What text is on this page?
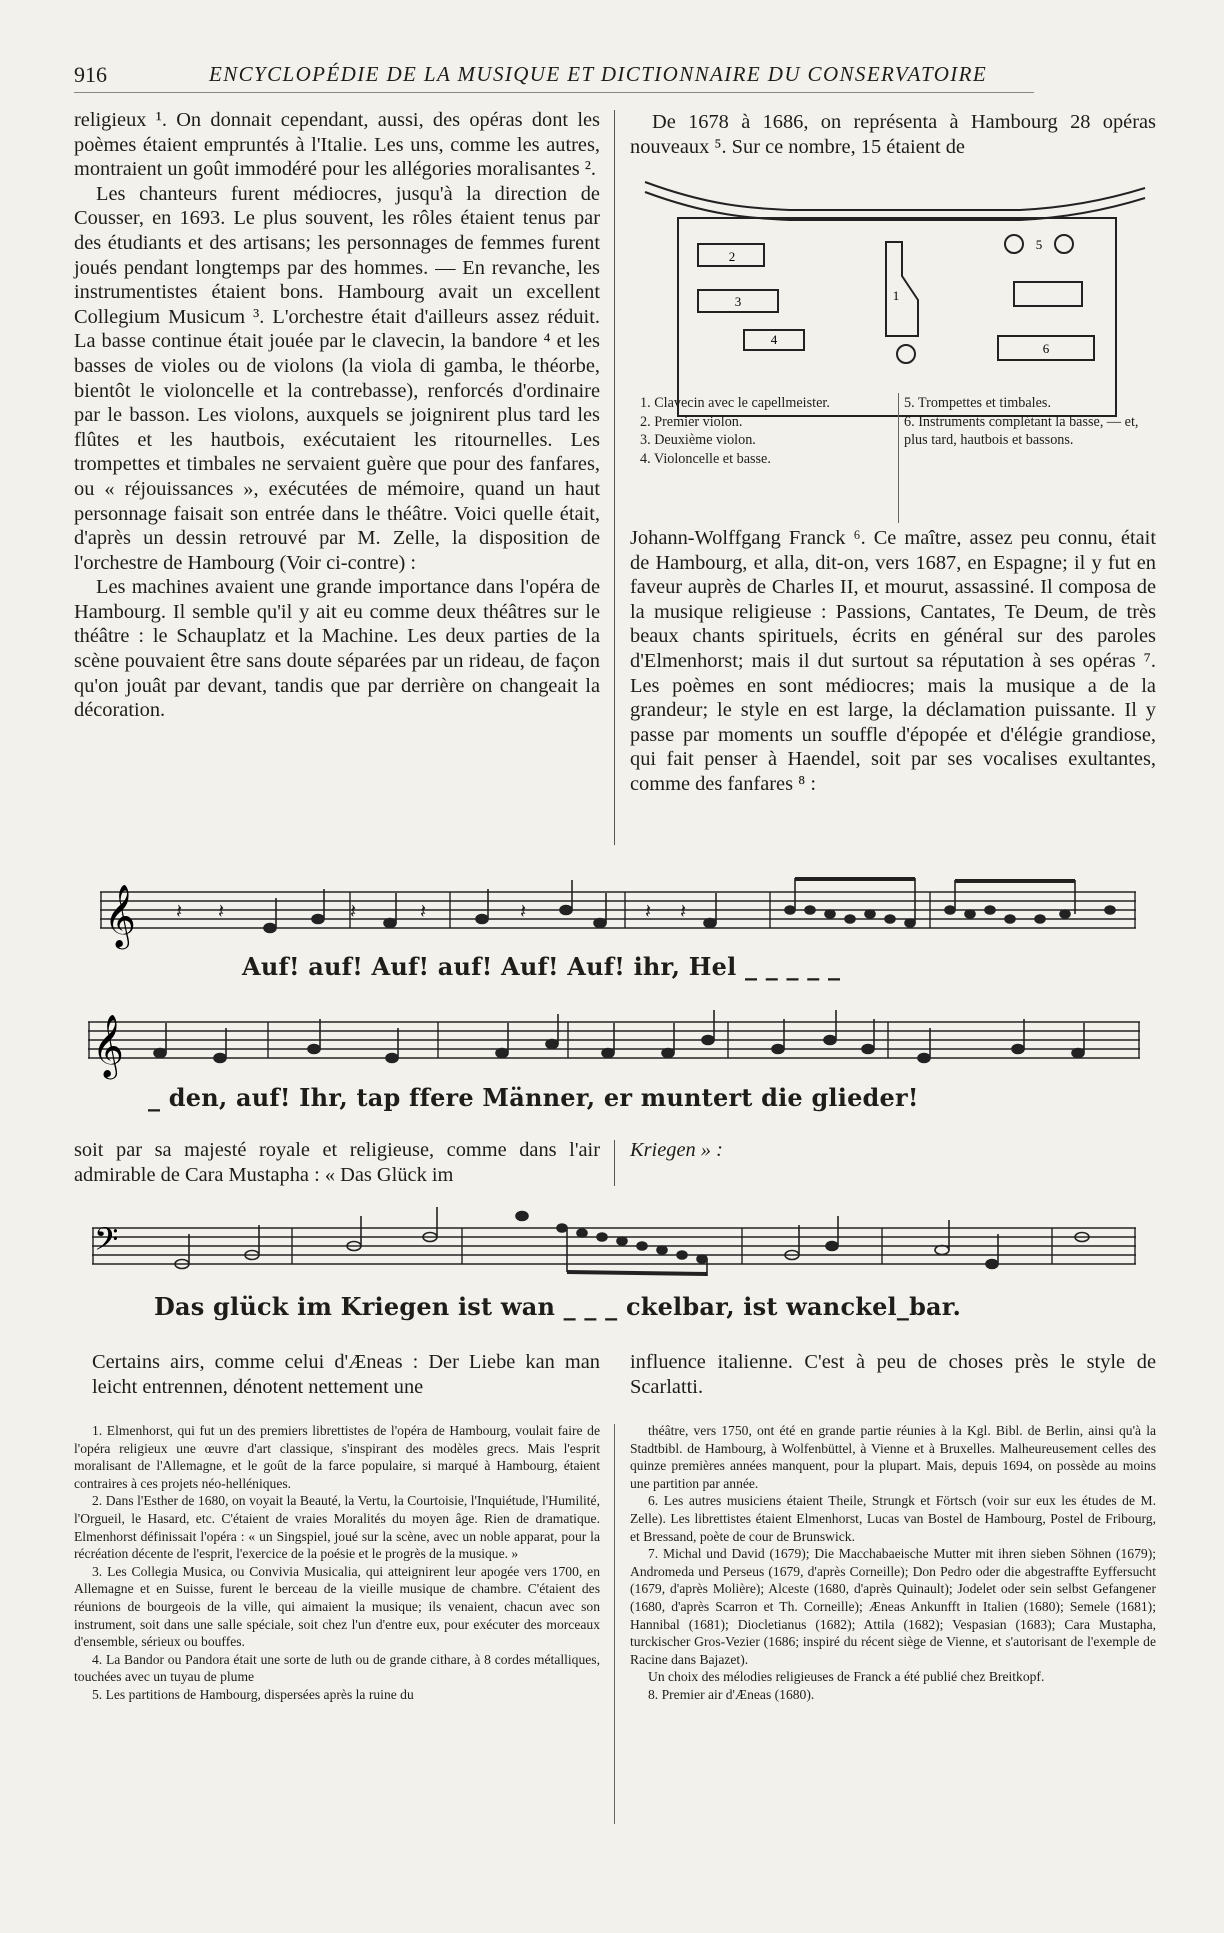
916	ENCYCLOPÉDIE DE LA MUSIQUE ET DICTIONNAIRE DU CONSERVATOIRE

religieux ¹. On donnait cependant, aussi, des opéras dont les poèmes étaient empruntés à l'Italie. Les uns, comme les autres, montraient un goût immodéré pour les allégories moralisantes ².

Les chanteurs furent médiocres, jusqu'à la direction de Cousser, en 1693. Le plus souvent, les rôles étaient tenus par des étudiants et des artisans; les personnages de femmes furent joués pendant longtemps par des hommes. — En revanche, les instrumentistes étaient bons. Hambourg avait un excellent Collegium Musicum ³. L'orchestre était d'ailleurs assez réduit. La basse continue était jouée par le clavecin, la bandore ⁴ et les basses de violes ou de violons (la viola di gamba, le théorbe, bientôt le violoncelle et la contrebasse), renforcés d'ordinaire par le basson. Les violons, auxquels se joignirent plus tard les flûtes et les hautbois, exécutaient les ritournelles. Les trompettes et timbales ne servaient guère que pour des fanfares, ou « réjouissances », exécutées de mémoire, quand un haut personnage faisait son entrée dans le théâtre. Voici quelle était, d'après un dessin retrouvé par M. Zelle, la disposition de l'orchestre de Hambourg (Voir ci-contre) :

Les machines avaient une grande importance dans l'opéra de Hambourg. Il semble qu'il y ait eu comme deux théâtres sur le théâtre : le Schauplatz et la Machine. Les deux parties de la scène pouvaient être sans doute séparées par un rideau, de façon qu'on jouât par devant, tandis que par derrière on changeait la décoration.

De 1678 à 1686, on représenta à Hambourg 28 opéras nouveaux ⁵. Sur ce nombre, 15 étaient de

2
3
4
1
5
6
1. Clavecin avec le capellmeister.
2. Premier violon.
3. Deuxième violon.
4. Violoncelle et basse.
5. Trompettes et timbales.
6. Instruments complétant la basse, — et, plus tard, hautbois et bassons.

Johann-Wolffgang Franck ⁶. Ce maître, assez peu connu, était de Hambourg, et alla, dit-on, vers 1687, en Espagne; il y fut en faveur auprès de Charles II, et mourut, assassiné. Il composa de la musique religieuse : Passions, Cantates, Te Deum, de très beaux chants spirituels, écrits en général sur des paroles d'Elmenhorst; mais il dut surtout sa réputation à ses opéras ⁷. Les poèmes en sont médiocres; mais la musique a de la grandeur; le style en est large, la déclamation puissante. Il y passe par moments un souffle d'épopée et d'élégie grandiose, qui fait penser à Haendel, soit par ses vocalises exultantes, comme des fanfares ⁸ :

𝄞 𝄽 𝄽	𝄽	𝄽	𝄽	𝄽 𝄽
Auf! auf! Auf! auf! Auf! Auf! ihr, Hel _ _ _ _ _
𝄞
_ den, auf! Ihr, tap ffere Männer, er muntert die glieder!

soit par sa majesté royale et religieuse, comme dans l'air admirable de Cara Mustapha : « Das Glück im

Kriegen » :

𝄢
Das glück im Kriegen ist wan _ _ _ ckelbar, ist wanckel_bar.

Certains airs, comme celui d'Æneas : Der Liebe kan man leicht entrennen, dénotent nettement une

influence italienne. C'est à peu de choses près le style de Scarlatti.

1. Elmenhorst, qui fut un des premiers librettistes de l'opéra de Hambourg, voulait faire de l'opéra religieux une œuvre d'art classique, s'inspirant des modèles grecs. Mais l'esprit moralisant de l'Allemagne, et le goût de la farce populaire, si marqué à Hambourg, étaient contraires à ces projets néo-helléniques.

2. Dans l'Esther de 1680, on voyait la Beauté, la Vertu, la Courtoisie, l'Inquiétude, l'Humilité, l'Orgueil, le Hasard, etc. C'étaient de vraies Moralités du moyen âge. Rien de dramatique. Elmenhorst définissait l'opéra : « un Singspiel, joué sur la scène, avec un noble apparat, pour la récréation décente de l'esprit, l'exercice de la poésie et le progrès de la musique. »

3. Les Collegia Musica, ou Convivia Musicalia, qui atteignirent leur apogée vers 1700, en Allemagne et en Suisse, furent le berceau de la vieille musique de chambre. C'étaient des réunions de bourgeois de la ville, qui aimaient la musique; ils venaient, chacun avec son instrument, soit dans une salle spéciale, soit chez l'un d'entre eux, pour exécuter des morceaux d'ensemble, sérieux ou bouffes.

4. La Bandor ou Pandora était une sorte de luth ou de grande cithare, à 8 cordes métalliques, touchées avec un tuyau de plume

5. Les partitions de Hambourg, dispersées après la ruine du

théâtre, vers 1750, ont été en grande partie réunies à la Kgl. Bibl. de Berlin, ainsi qu'à la Stadtbibl. de Hambourg, à Wolfenbüttel, à Vienne et à Bruxelles. Malheureusement celles des quinze premières années manquent, pour la plupart. Mais, depuis 1694, on possède au moins une partition par année.

6. Les autres musiciens étaient Theile, Strungk et Förtsch (voir sur eux les études de M. Zelle). Les librettistes étaient Elmenhorst, Lucas van Bostel de Hambourg, Postel de Fribourg, et Bressand, poète de cour de Brunswick.

7. Michal und David (1679); Die Macchabaeische Mutter mit ihren sieben Söhnen (1679); Andromeda und Perseus (1679, d'après Corneille); Don Pedro oder die abgestraffte Eyffersucht (1679, d'après Molière); Alceste (1680, d'après Quinault); Jodelet oder sein selbst Gefangener (1680, d'après Scarron et Th. Corneille); Æneas Ankunfft in Italien (1680); Semele (1681); Hannibal (1681); Diocletianus (1682); Attila (1682); Vespasian (1683); Cara Mustapha, turckischer Gros-Vezier (1686; inspiré du récent siège de Vienne, et s'autorisant de l'exemple de Racine dans Bajazet).

Un choix des mélodies religieuses de Franck a été publié chez Breitkopf.

8. Premier air d'Æneas (1680).
